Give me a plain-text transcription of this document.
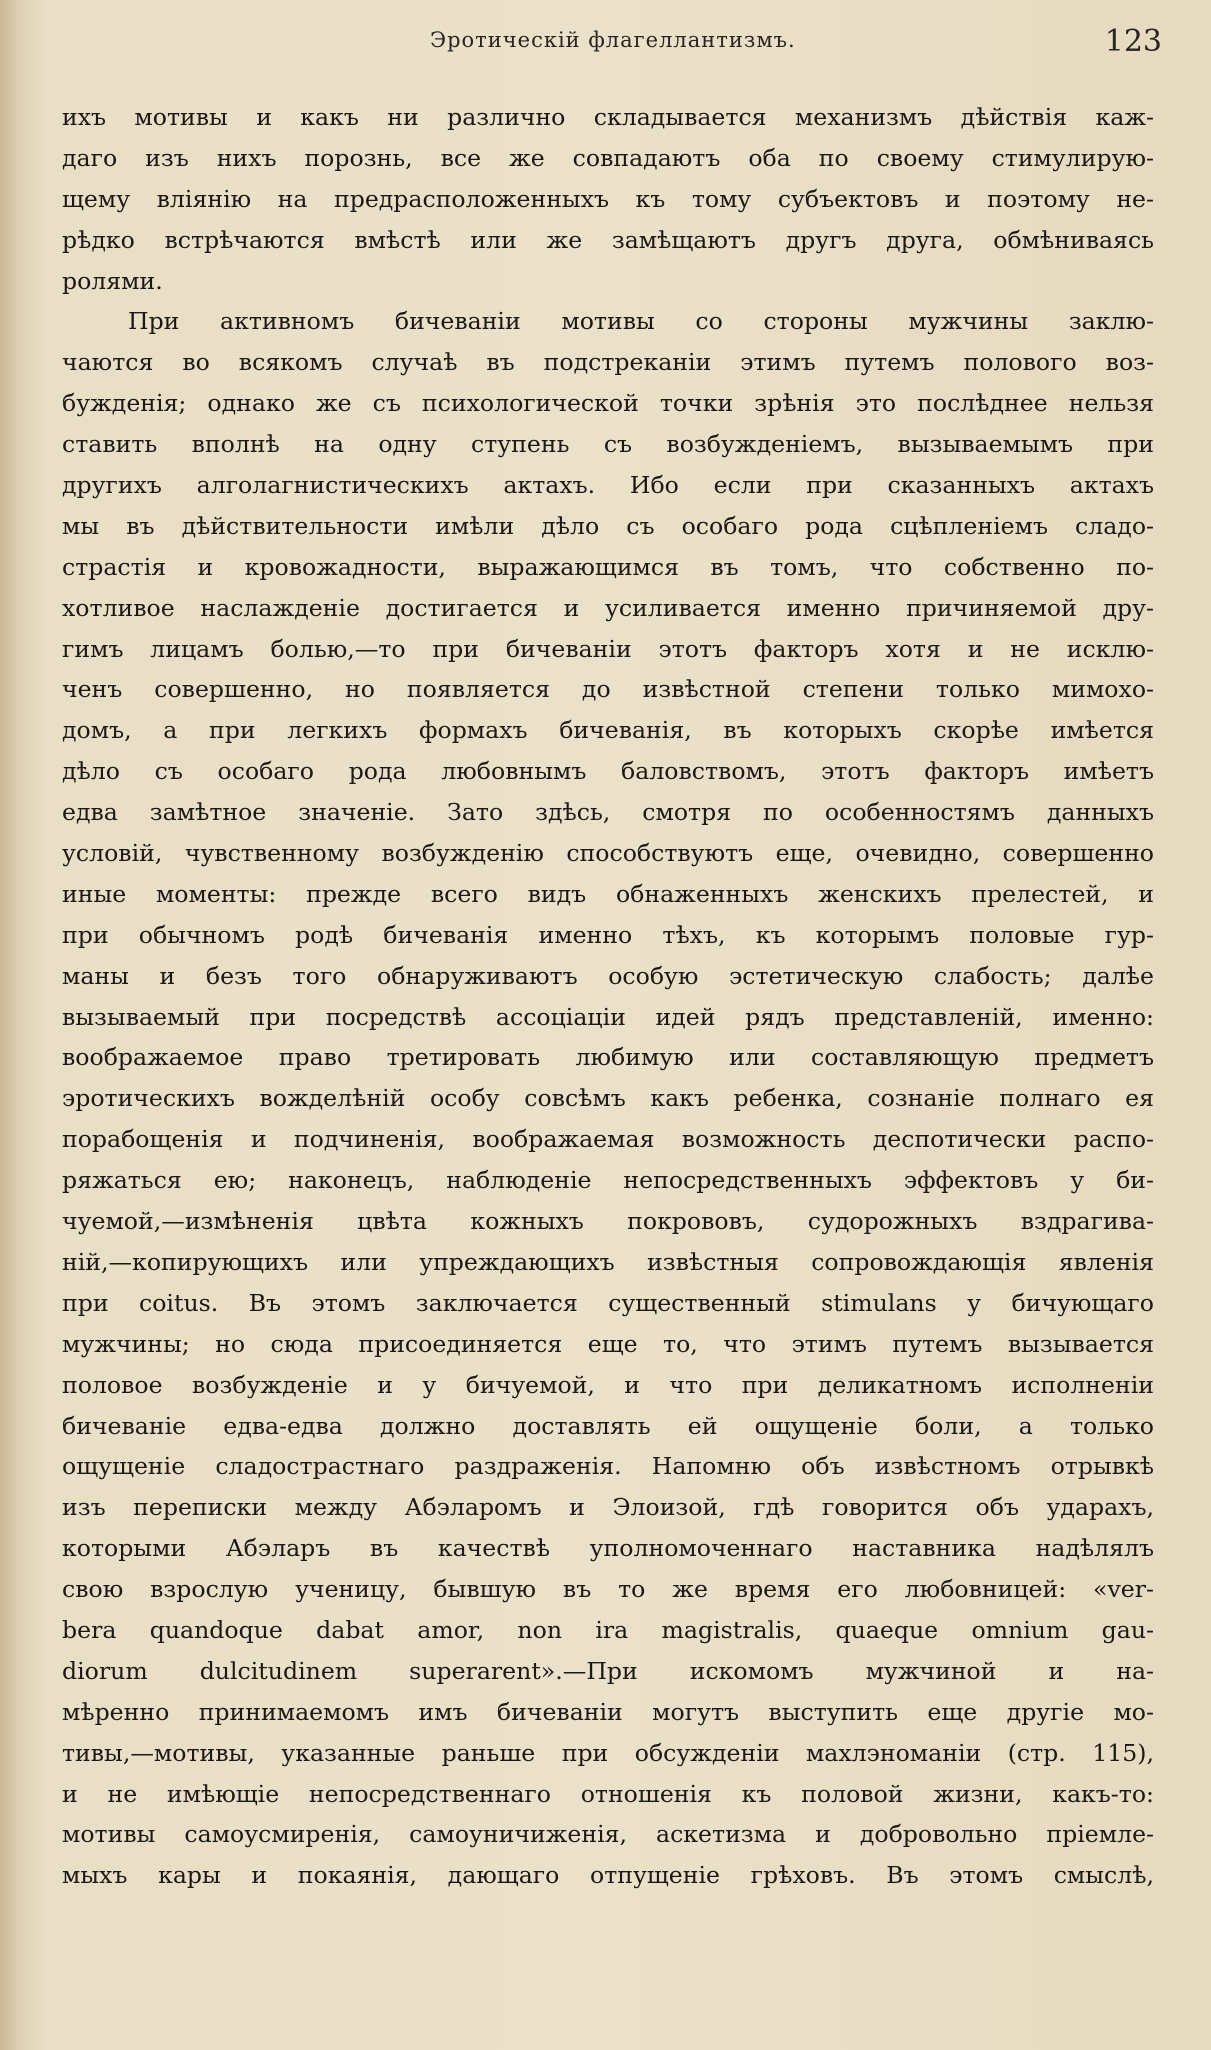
Эротическій флагеллантизмъ.	123
ихъ мотивы и какъ ни различно складывается механизмъ дѣйствія каж-
даго изъ нихъ порознь, все же совпадаютъ оба по своему стимулирую-
щему вліянію на предрасположенныхъ къ тому субъектовъ и поэтому не-
рѣдко встрѣчаются вмѣстѣ или же замѣщаютъ другъ друга, обмѣниваясь
ролями.
При активномъ бичеваніи мотивы со стороны мужчины заклю-
чаются во всякомъ случаѣ въ подстреканіи этимъ путемъ полового воз-
бужденія; однако же съ психологической точки зрѣнія это послѣднее нельзя
ставить вполнѣ на одну ступень съ возбужденіемъ, вызываемымъ при
другихъ алголагнистическихъ актахъ. Ибо если при сказанныхъ актахъ
мы въ дѣйствительности имѣли дѣло съ особаго рода сцѣпленіемъ сладо-
страстія и кровожадности, выражающимся въ томъ, что собственно по-
хотливое наслажденіе достигается и усиливается именно причиняемой дру-
гимъ лицамъ болью,—то при бичеваніи этотъ факторъ хотя и не исклю-
ченъ совершенно, но появляется до извѣстной степени только мимохо-
домъ, а при легкихъ формахъ бичеванія, въ которыхъ скорѣе имѣется
дѣло съ особаго рода любовнымъ баловствомъ, этотъ факторъ имѣетъ
едва замѣтное значеніе. Зато здѣсь, смотря по особенностямъ данныхъ
условій, чувственному возбужденію способствуютъ еще, очевидно, совершенно
иные моменты: прежде всего видъ обнаженныхъ женскихъ прелестей, и
при обычномъ родѣ бичеванія именно тѣхъ, къ которымъ половые гур-
маны и безъ того обнаруживаютъ особую эстетическую слабость; далѣе
вызываемый при посредствѣ ассоціаціи идей рядъ представленій, именно:
воображаемое право третировать любимую или составляющую предметъ
эротическихъ вожделѣній особу совсѣмъ какъ ребенка, сознаніе полнаго ея
порабощенія и подчиненія, воображаемая возможность деспотически распо-
ряжаться ею; наконецъ, наблюденіе непосредственныхъ эффектовъ у би-
чуемой,—измѣненія цвѣта кожныхъ покрововъ, судорожныхъ вздрагива-
ній,—копирующихъ или упреждающихъ извѣстныя сопровождающія явленія
при coitus. Въ этомъ заключается существенный stimulans у бичующаго
мужчины; но сюда присоединяется еще то, что этимъ путемъ вызывается
половое возбужденіе и у бичуемой, и что при деликатномъ исполненіи
бичеваніе едва-едва должно доставлять ей ощущеніе боли, а только
ощущеніе сладострастнаго раздраженія. Напомню объ извѣстномъ отрывкѣ
изъ переписки между Абэларомъ и Элоизой, гдѣ говорится объ ударахъ,
которыми Абэларъ въ качествѣ уполномоченнаго наставника надѣлялъ
свою взрослую ученицу, бывшую въ то же время его любовницей: «ver-
bera quandoque dabat amor, non ira magistralis, quaeque omnium gau-
diorum dulcitudinem superarent».—При искомомъ мужчиной и на-
мѣренно принимаемомъ имъ бичеваніи могутъ выступить еще другіе мо-
тивы,—мотивы, указанные раньше при обсужденіи махлэноманіи (стр. 115),
и не имѣющіе непосредственнаго отношенія къ половой жизни, какъ-то:
мотивы самоусмиренія, самоуничиженія, аскетизма и добровольно пріемле-
мыхъ кары и покаянія, дающаго отпущеніе грѣховъ. Въ этомъ смыслѣ,
